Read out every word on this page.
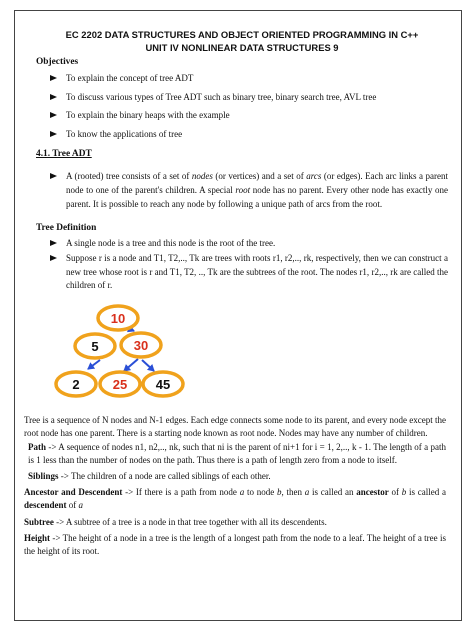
EC 2202 DATA STRUCTURES AND OBJECT ORIENTED PROGRAMMING IN C++

UNIT IV NONLINEAR DATA STRUCTURES 9

Objectives

To explain the concept of tree ADT
To discuss various types of Tree ADT such as binary tree, binary search tree, AVL tree
To explain the binary heaps with the example
To know the applications of tree

4.1. Tree ADT

A (rooted) tree consists of a set of nodes (or vertices) and a set of arcs (or edges). Each arc links a parent node to one of the parent's children. A special root node has no parent. Every other node has exactly one parent. It is possible to reach any node by following a unique path of arcs from the root.

Tree Definition

A single node is a tree and this node is the root of the tree.
Suppose r is a node and T1, T2,.., Tk are trees with roots r1, r2,.., rk, respectively, then we can construct a new tree whose root is r and T1, T2, .., Tk are the subtrees of the root. The nodes r1, r2,.., rk are called the children of r.
10
5	30
2	25 45

Tree is a sequence of N nodes and N-1 edges. Each edge connects some node to its parent, and every node except the root node has one parent. There is a starting node known as root node. Nodes may have any number of children.

Path -> A sequence of nodes n1, n2,.., nk, such that ni is the parent of ni+1 for i = 1, 2,.., k - 1. The length of a path is 1 less than the number of nodes on the path. Thus there is a path of length zero from a node to itself.

Siblings -> The children of a node are called siblings of each other.

Ancestor and Descendent -> If there is a path from node a to node b, then a is called an ancestor of b is called a descendent of a

Subtree -> A subtree of a tree is a node in that tree together with all its descendents.

Height -> The height of a node in a tree is the length of a longest path from the node to a leaf. The height of a tree is the height of its root.
